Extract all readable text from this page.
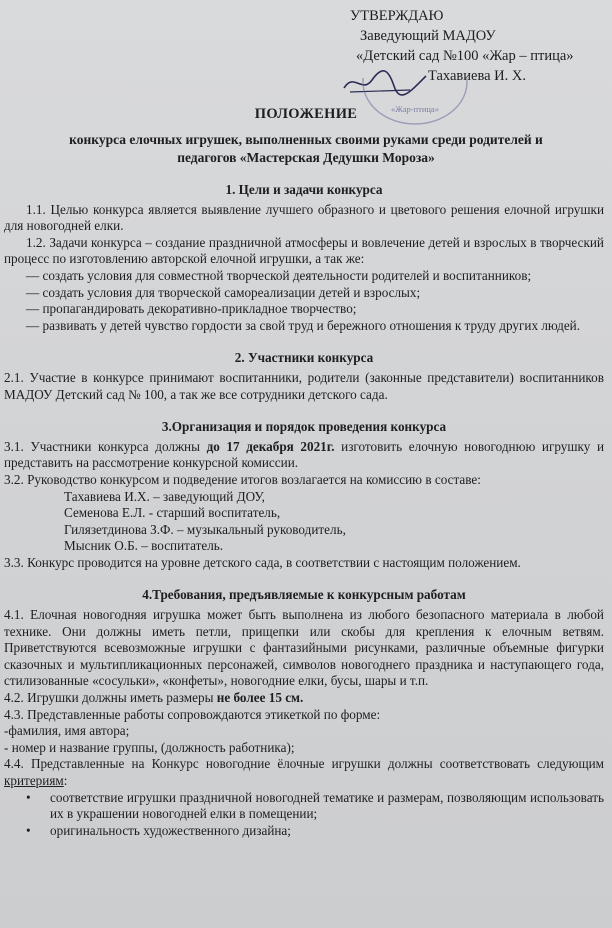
УТВЕРЖДАЮ
Заведующий МАДОУ
«Детский сад №100 «Жар – птица»
Тахавиева И. Х.
«Жар-птица»
ПОЛОЖЕНИЕ
конкурса елочных игрушек, выполненных своими руками среди родителей и педагогов «Мастерская Дедушки Мороза»
1. Цели и задачи конкурса
1.1. Целью конкурса является выявление лучшего образного и цветового решения елочной игрушки для новогодней елки.
1.2. Задачи конкурса – создание праздничной атмосферы и вовлечение детей и взрослых в творческий процесс по изготовлению авторской елочной игрушки, а так же:
— создать условия для совместной творческой деятельности родителей и воспитанников;
— создать условия для творческой самореализации детей и взрослых;
— пропагандировать декоративно-прикладное творчество;
— развивать у детей чувство гордости за свой труд и бережного отношения к труду других людей.
2. Участники конкурса
2.1. Участие в конкурсе принимают воспитанники, родители (законные представители) воспитанников МАДОУ Детский сад № 100, а так же все сотрудники детского сада.
3.Организация и порядок проведения конкурса
3.1. Участники конкурса должны до 17 декабря 2021г. изготовить елочную новогоднюю игрушку и представить на рассмотрение конкурсной комиссии.
3.2. Руководство конкурсом и подведение итогов возлагается на комиссию в составе:
Тахавиева И.Х. – заведующий ДОУ,
Семенова Е.Л. - старший воспитатель,
Гилязетдинова З.Ф. – музыкальный руководитель,
Мысник О.Б. – воспитатель.
3.3. Конкурс проводится на уровне детского сада, в соответствии с настоящим положением.
4.Требования, предъявляемые к конкурсным работам
4.1. Елочная новогодняя игрушка может быть выполнена из любого безопасного материала в любой технике. Они должны иметь петли, прищепки или скобы для крепления к елочным ветвям. Приветствуются всевозможные игрушки с фантазийными рисунками, различные объемные фигурки сказочных и мультипликационных персонажей, символов новогоднего праздника и наступающего года, стилизованные «сосульки», «конфеты», новогодние елки, бусы, шары и т.п.
4.2. Игрушки должны иметь размеры не более 15 см.
4.3. Представленные работы сопровождаются этикеткой по форме:
-фамилия, имя автора;
- номер и название группы, (должность работника);
4.4. Представленные на Конкурс новогодние ёлочные игрушки должны соответствовать следующим критериям:
• соответствие игрушки праздничной новогодней тематике и размерам, позволяющим использовать их в украшении новогодней елки в помещении;
• оригинальность художественного дизайна;
